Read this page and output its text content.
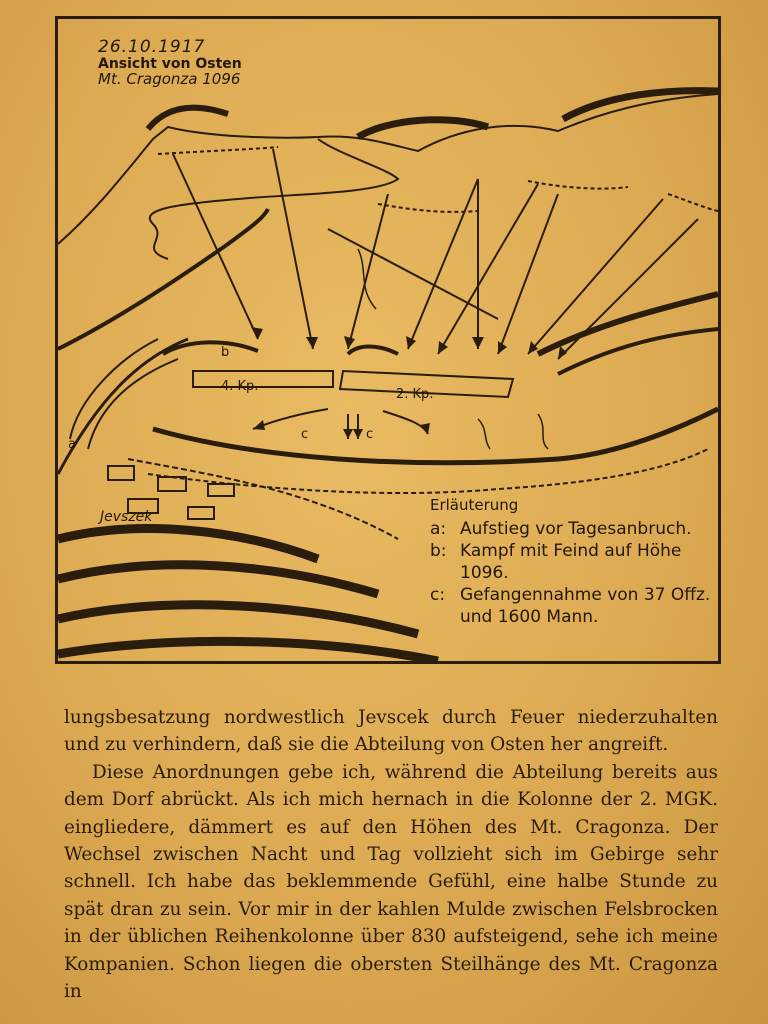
26.10.1917
Ansicht von Osten
Mt. Cragonza 1096
4. Kp.
2. Kp.
a
b
c	c
Jevszek
Erläuterung
a: Aufstieg vor Tagesanbruch.
b: Kampf mit Feind auf Höhe 1096.
c: Gefangennahme von 37 Offz. und 1600 Mann.

lungsbesatzung nordwestlich Jevscek durch Feuer niederzuhalten und zu verhindern, daß sie die Abteilung von Osten her angreift.

Diese Anordnungen gebe ich, während die Abteilung bereits aus dem Dorf abrückt. Als ich mich hernach in die Kolonne der 2. MGK. eingliedere, dämmert es auf den Höhen des Mt. Cragonza. Der Wechsel zwischen Nacht und Tag vollzieht sich im Gebirge sehr schnell. Ich habe das beklemmende Gefühl, eine halbe Stunde zu spät dran zu sein. Vor mir in der kahlen Mulde zwischen Felsbrocken in der üblichen Reihenkolonne über 830 aufsteigend, sehe ich meine Kompanien. Schon liegen die obersten Steilhänge des Mt. Cragonza in
